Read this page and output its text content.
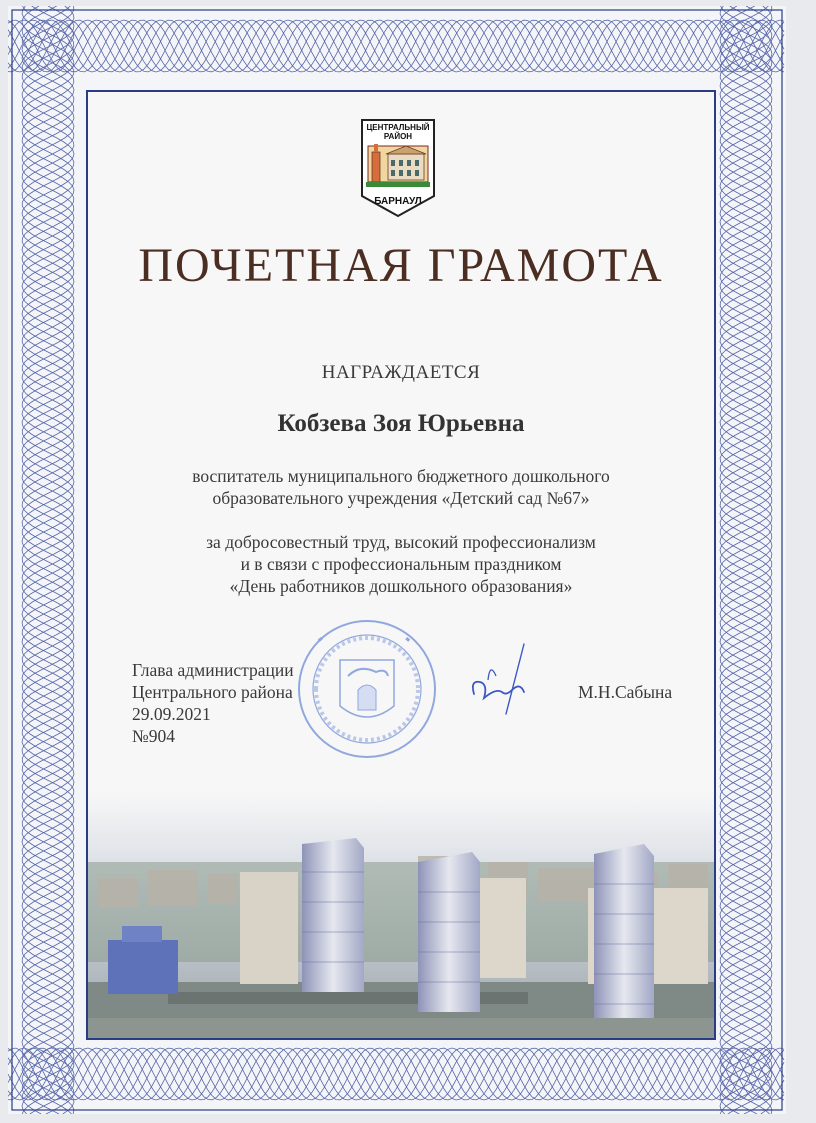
ЦЕНТРАЛЬНЫЙ
РАЙОН
БАРНАУЛ
ПОЧЕТНАЯ ГРАМОТА
НАГРАЖДАЕТСЯ
Кобзева Зоя Юрьевна
воспитатель муниципального бюджетного дошкольного
образовательного учреждения «Детский сад №67»
за добросовестный труд, высокий профессионализм
и в связи с профессиональным праздником
«День работников дошкольного образования»
Глава администрации
Центрального района
29.09.2021
№904
М.Н.Сабына
